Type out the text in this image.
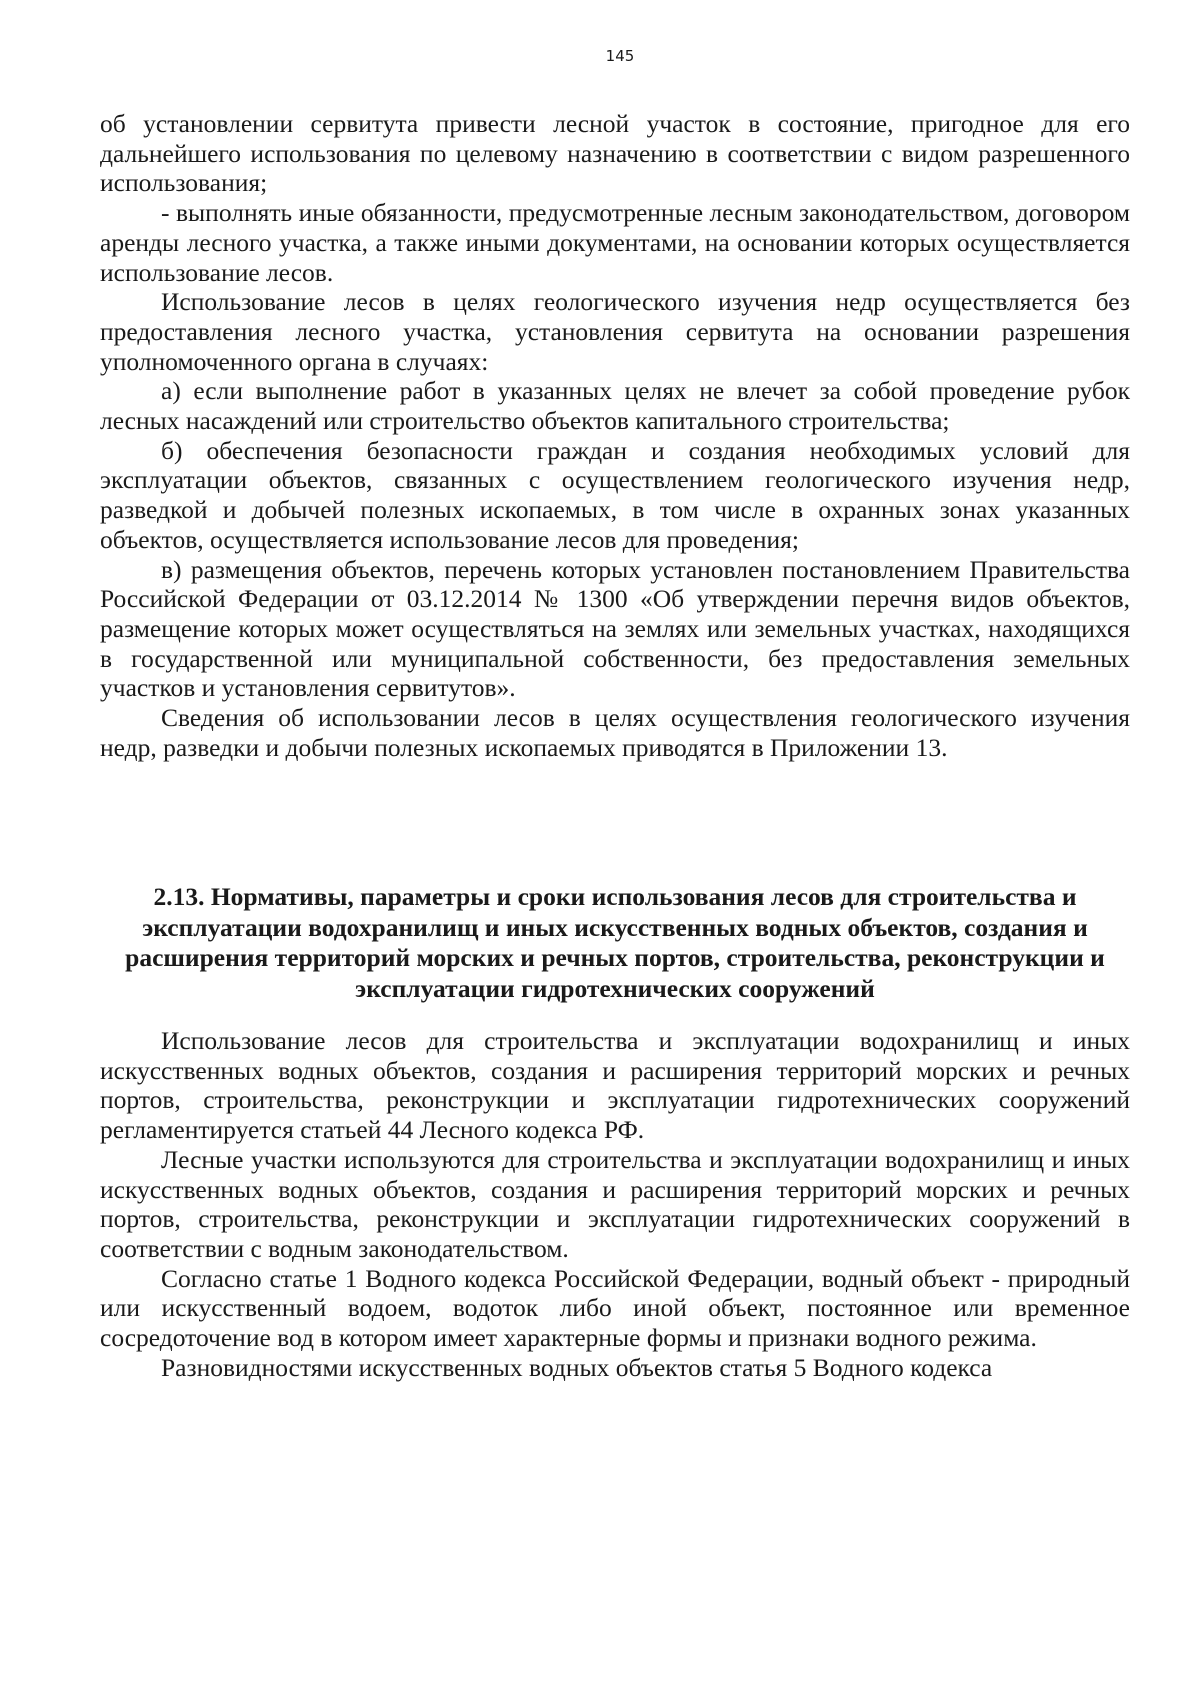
145

об установлении сервитута привести лесной участок в состояние, пригодное для его дальнейшего использования по целевому назначению в соответствии с видом разрешенного использования;

- выполнять иные обязанности, предусмотренные лесным законодательством, договором аренды лесного участка, а также иными документами, на основании которых осуществляется использование лесов.

Использование лесов в целях геологического изучения недр осуществляется без предоставления лесного участка, установления сервитута на основании разрешения уполномоченного органа в случаях:

а) если выполнение работ в указанных целях не влечет за собой проведение рубок лесных насаждений или строительство объектов капитального строительства;

б) обеспечения безопасности граждан и создания необходимых условий для эксплуатации объектов, связанных с осуществлением геологического изучения недр, разведкой и добычей полезных ископаемых, в том числе в охранных зонах указанных объектов, осуществляется использование лесов для проведения;

в) размещения объектов, перечень которых установлен постановлением Правительства Российской Федерации от 03.12.2014 № 1300 «Об утверждении перечня видов объектов, размещение которых может осуществляться на землях или земельных участках, находящихся в государственной или муниципальной собственности, без предоставления земельных участков и установления сервитутов».

Сведения об использовании лесов в целях осуществления геологического изучения недр, разведки и добычи полезных ископаемых приводятся в Приложении 13.

2.13. Нормативы, параметры и сроки использования лесов для строительства и эксплуатации водохранилищ и иных искусственных водных объектов, создания и расширения территорий морских и речных портов, строительства, реконструкции и эксплуатации гидротехнических сооружений

Использование лесов для строительства и эксплуатации водохранилищ и иных искусственных водных объектов, создания и расширения территорий морских и речных портов, строительства, реконструкции и эксплуатации гидротехнических сооружений регламентируется статьей 44 Лесного кодекса РФ.

Лесные участки используются для строительства и эксплуатации водохранилищ и иных искусственных водных объектов, создания и расширения территорий морских и речных портов, строительства, реконструкции и эксплуатации гидротехнических сооружений в соответствии с водным законодательством.

Согласно статье 1 Водного кодекса Российской Федерации, водный объект - природный или искусственный водоем, водоток либо иной объект, постоянное или временное сосредоточение вод в котором имеет характерные формы и признаки водного режима.

Разновидностями искусственных водных объектов статья 5 Водного кодекса
